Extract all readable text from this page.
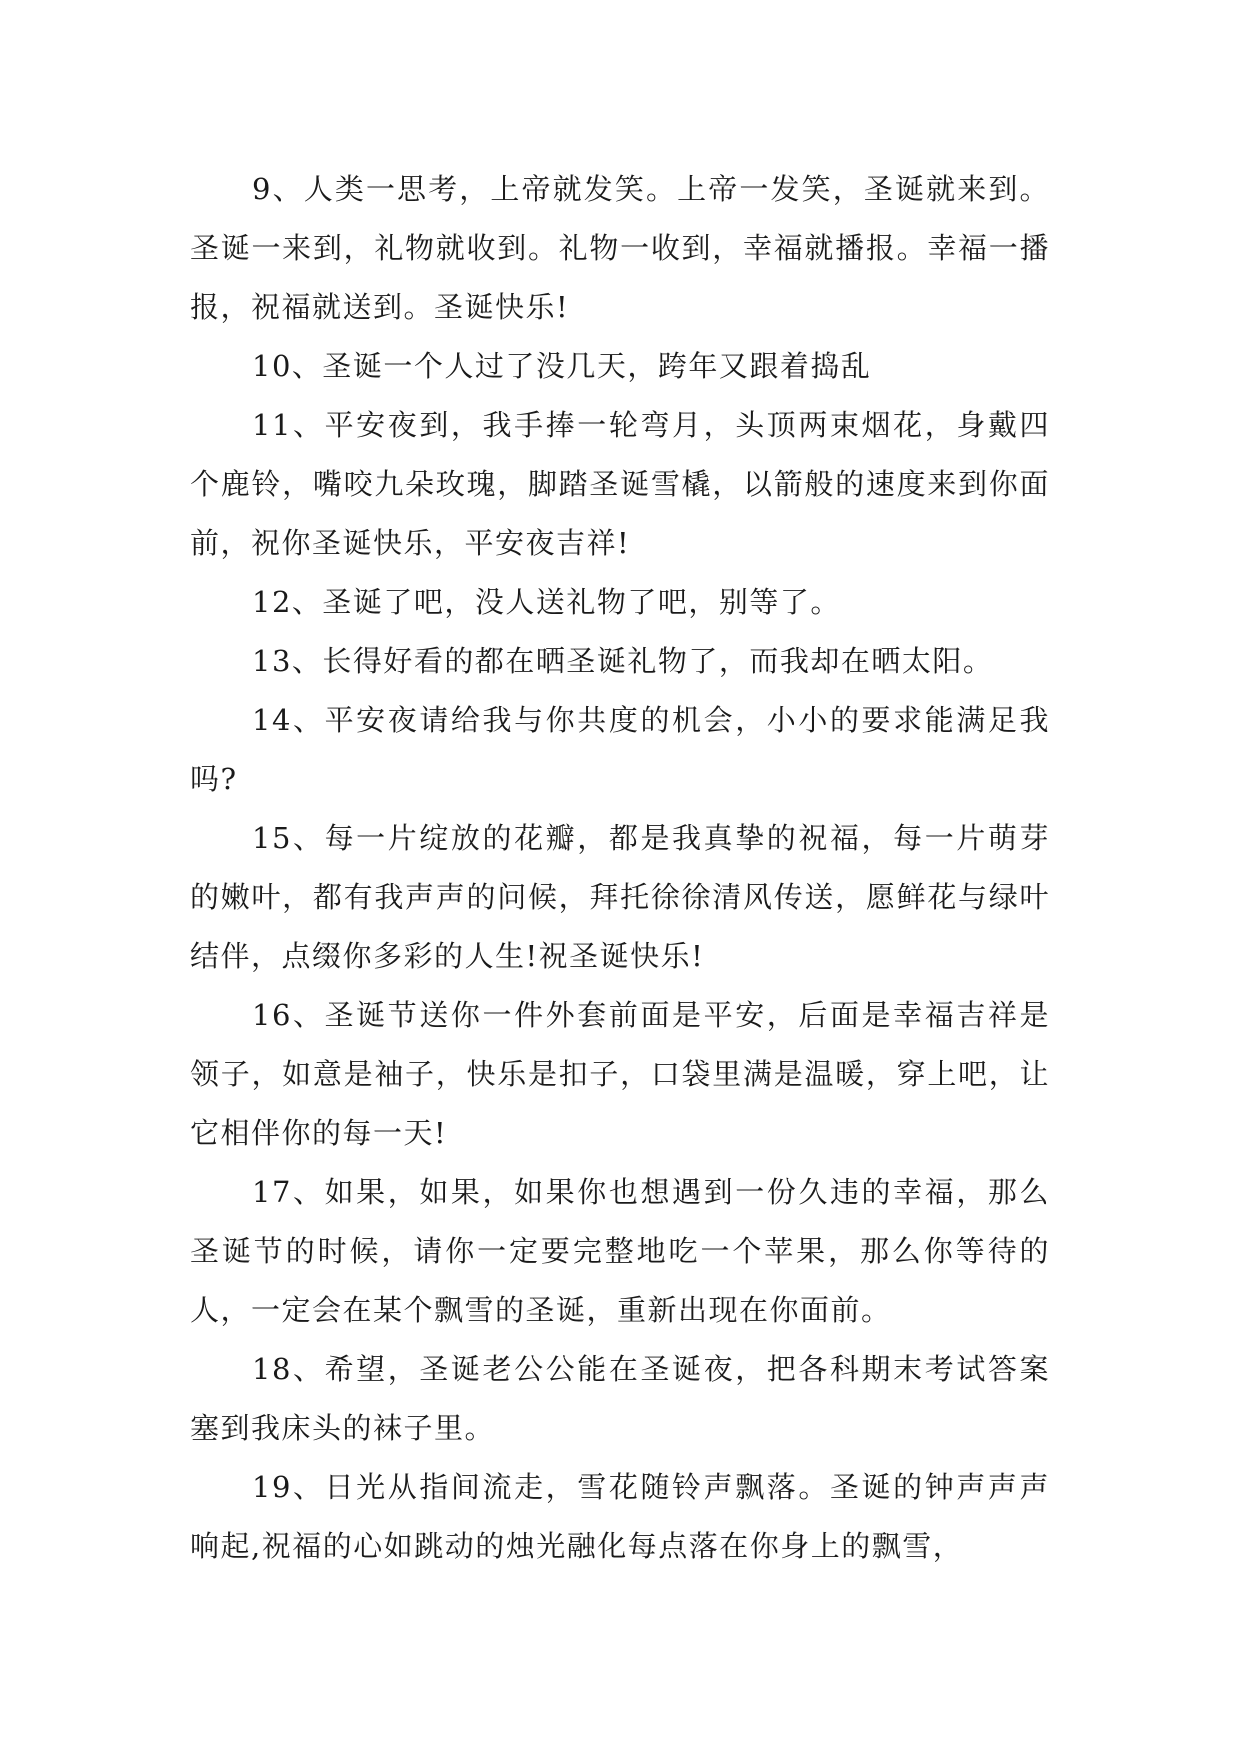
9、人类一思考，上帝就发笑。上帝一发笑，圣诞就来到。圣诞一来到，礼物就收到。礼物一收到，幸福就播报。幸福一播报，祝福就送到。圣诞快乐!

10、圣诞一个人过了没几天，跨年又跟着捣乱

11、平安夜到，我手捧一轮弯月，头顶两束烟花，身戴四个鹿铃，嘴咬九朵玫瑰，脚踏圣诞雪橇，以箭般的速度来到你面前，祝你圣诞快乐，平安夜吉祥!

12、圣诞了吧，没人送礼物了吧，别等了。

13、长得好看的都在晒圣诞礼物了，而我却在晒太阳。

14、平安夜请给我与你共度的机会，小小的要求能满足我吗?

15、每一片绽放的花瓣，都是我真挚的祝福，每一片萌芽的嫩叶，都有我声声的问候，拜托徐徐清风传送，愿鲜花与绿叶结伴，点缀你多彩的人生!祝圣诞快乐!

16、圣诞节送你一件外套前面是平安，后面是幸福吉祥是领子，如意是袖子，快乐是扣子，口袋里满是温暖，穿上吧，让它相伴你的每一天!

17、如果，如果，如果你也想遇到一份久违的幸福，那么圣诞节的时候，请你一定要完整地吃一个苹果，那么你等待的人，一定会在某个飘雪的圣诞，重新出现在你面前。

18、希望，圣诞老公公能在圣诞夜，把各科期末考试答案塞到我床头的袜子里。

19、日光从指间流走，雪花随铃声飘落。圣诞的钟声声声响起,祝福的心如跳动的烛光融化每点落在你身上的飘雪，
